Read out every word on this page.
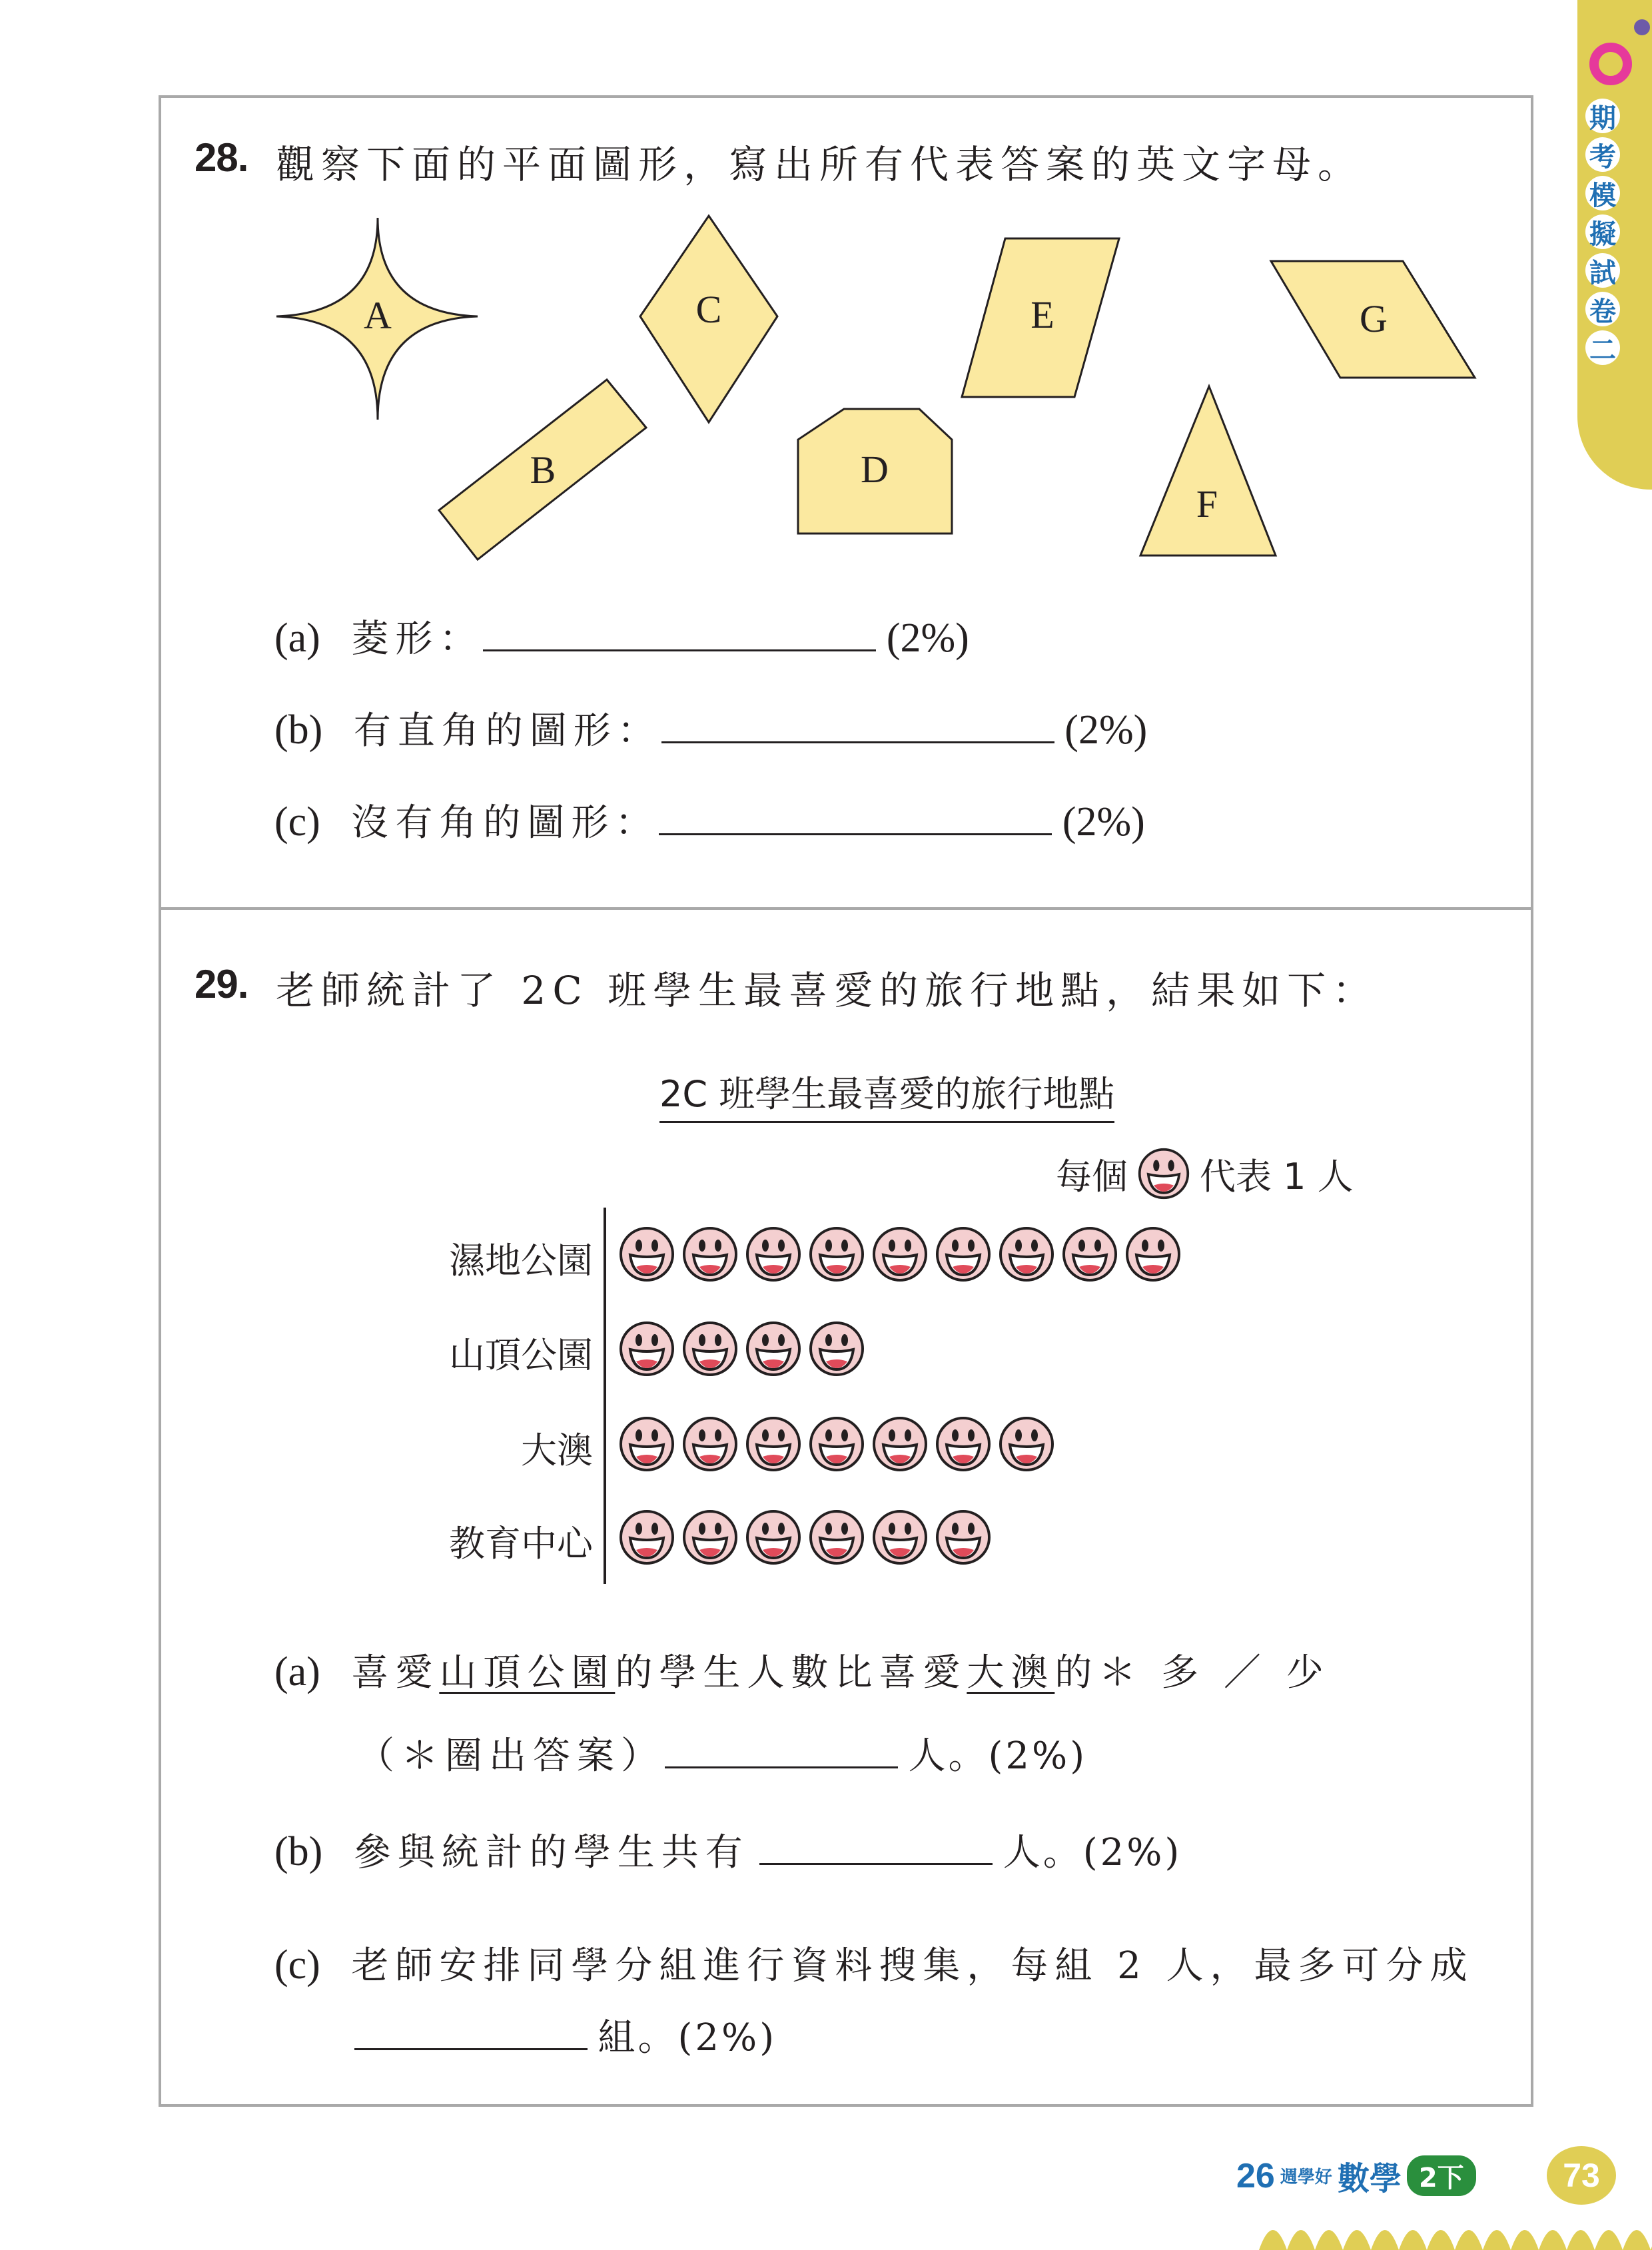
期
考
模
擬
試
卷
二
28. 觀察下面的平面圖形，寫出所有代表答案的英文字母。
A
B
C
D
E
F
G
(a) 菱形：	(2%)
(b) 有直角的圖形：	(2%)
(c) 沒有角的圖形：	(2%)
29. 老師統計了 2C 班學生最喜愛的旅行地點，結果如下：
2C 班學生最喜愛的旅行地點
每個 代表 1 人
濕地公園
山頂公園
大澳
教育中心
(a) 喜愛山頂公園的學生人數比喜愛大澳的＊ 多 ／ 少
（＊圈出答案）	人。(2%)
(b) 參與統計的學生共有	人。(2%)
(c) 老師安排同學分組進行資料搜集，每組 2 人，最多可分成
組。(2%)
26 週學好 數學 2下	73
